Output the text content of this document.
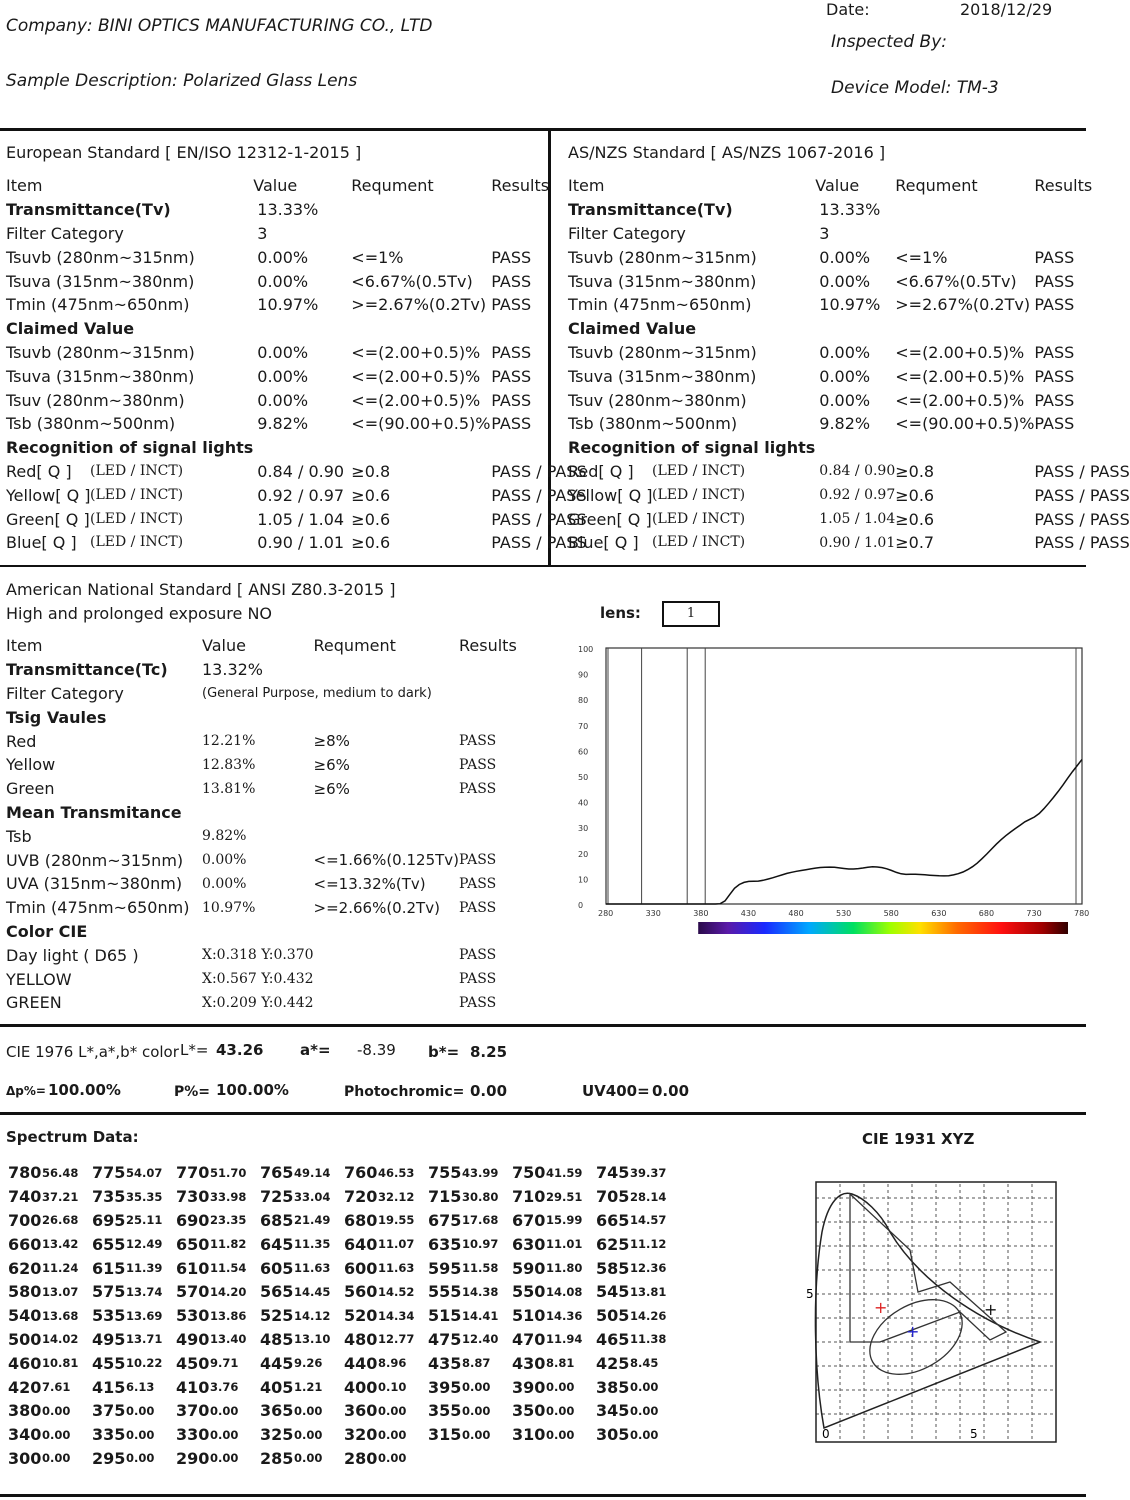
Company: BINI OPTICS MANUFACTURING CO., LTD
Sample Description: Polarized Glass Lens
Date:	2018/12/29
Inspected By:
Device Model: TM-3
European Standard [ EN/ISO 12312-1-2015 ]
Item	Value	Requment	Results
Transmittance(Tv)	13.33%		
Filter Category	3		
Tsuvb (280nm~315nm)	0.00%	<=1%	PASS
Tsuva (315nm~380nm)	0.00%	<6.67%(0.5Tv)	PASS
Tmin (475nm~650nm)	10.97%	>=2.67%(0.2Tv)	PASS
Claimed Value			
Tsuvb (280nm~315nm)	0.00%	<=(2.00+0.5)%	PASS
Tsuva (315nm~380nm)	0.00%	<=(2.00+0.5)%	PASS
Tsuv (280nm~380nm)	0.00%	<=(2.00+0.5)%	PASS
Tsb (380nm~500nm)	9.82%	<=(90.00+0.5)%	PASS
Recognition of signal lights			
Red[ Q ] (LED / INCT)	0.84 / 0.90	≥0.8	PASS / PASS
Yellow[ Q ] (LED / INCT)	0.92 / 0.97	≥0.6	PASS / PASS
Green[ Q ] (LED / INCT)	1.05 / 1.04	≥0.6	PASS / PASS
Blue[ Q ] (LED / INCT)	0.90 / 1.01	≥0.6	PASS / PASS
AS/NZS Standard [ AS/NZS 1067-2016 ]
Item	Value	Requment	Results
Transmittance(Tv)	13.33%		
Filter Category	3		
Tsuvb (280nm~315nm)	0.00%	<=1%	PASS
Tsuva (315nm~380nm)	0.00%	<6.67%(0.5Tv)	PASS
Tmin (475nm~650nm)	10.97%	>=2.67%(0.2Tv)	PASS
Claimed Value			
Tsuvb (280nm~315nm)	0.00%	<=(2.00+0.5)%	PASS
Tsuva (315nm~380nm)	0.00%	<=(2.00+0.5)%	PASS
Tsuv (280nm~380nm)	0.00%	<=(2.00+0.5)%	PASS
Tsb (380nm~500nm)	9.82%	<=(90.00+0.5)%	PASS
Recognition of signal lights			
Red[ Q ] (LED / INCT)	0.84 / 0.90	≥0.8	PASS / PASS
Yellow[ Q ] (LED / INCT)	0.92 / 0.97	≥0.6	PASS / PASS
Green[ Q ] (LED / INCT)	1.05 / 1.04	≥0.6	PASS / PASS
Blue[ Q ] (LED / INCT)	0.90 / 1.01	≥0.7	PASS / PASS
American National Standard [ ANSI Z80.3-2015 ]
High and prolonged exposure NO
Item	Value	Requment	Results
Transmittance(Tc)	13.32%		
Filter Category	(General Purpose, medium to dark)		
Tsig Vaules			
Red	12.21%	≥8%	PASS
Yellow	12.83%	≥6%	PASS
Green	13.81%	≥6%	PASS
Mean Transmitance			
Tsb	9.82%		
UVB (280nm~315nm)	0.00%	<=1.66%(0.125Tv)	PASS
UVA (315nm~380nm)	0.00%	<=13.32%(Tv)	PASS
Tmin (475nm~650nm)	10.97%	>=2.66%(0.2Tv)	PASS
Color CIE			
Day light ( D65 )	X:0.318 Y:0.370		PASS
YELLOW	X:0.567 Y:0.432		PASS
GREEN	X:0.209 Y:0.442		PASS
lens:	1
0
10
20
30
40
50
60
70
80
90
100
280	330	380	430	480	530	580	630	680	730	780
CIE 1976 L*,a*,b* color L*= 43.26 a*= -8.39 b*= 8.25
Δp%= 100.00%	P%= 100.00%	Photochromic= 0.00	UV400= 0.00
Spectrum Data:	CIE 1931 XYZ
780	56.48	775	54.07	770	51.70	765	49.14	760	46.53	755	43.99	750	41.59	745	39.37
740	37.21	735	35.35	730	33.98	725	33.04	720	32.12	715	30.80	710	29.51	705	28.14
700	26.68	695	25.11	690	23.35	685	21.49	680	19.55	675	17.68	670	15.99	665	14.57
660	13.42	655	12.49	650	11.82	645	11.35	640	11.07	635	10.97	630	11.01	625	11.12
620	11.24	615	11.39	610	11.54	605	11.63	600	11.63	595	11.58	590	11.80	585	12.36
580	13.07	575	13.74	570	14.20	565	14.45	560	14.52	555	14.38	550	14.08	545	13.81
540	13.68	535	13.69	530	13.86	525	14.12	520	14.34	515	14.41	510	14.36	505	14.26
500	14.02	495	13.71	490	13.40	485	13.10	480	12.77	475	12.40	470	11.94	465	11.38
460	10.81	455	10.22	450	9.71	445	9.26	440	8.96	435	8.87	430	8.81	425	8.45
420	7.61	415	6.13	410	3.76	405	1.21	400	0.10	395	0.00	390	0.00	385	0.00
380	0.00	375	0.00	370	0.00	365	0.00	360	0.00	355	0.00	350	0.00	345	0.00
340	0.00	335	0.00	330	0.00	325	0.00	320	0.00	315	0.00	310	0.00	305	0.00
300	0.00	295	0.00	290	0.00	285	0.00	280	0.00						
+
+
+
5
5
0
